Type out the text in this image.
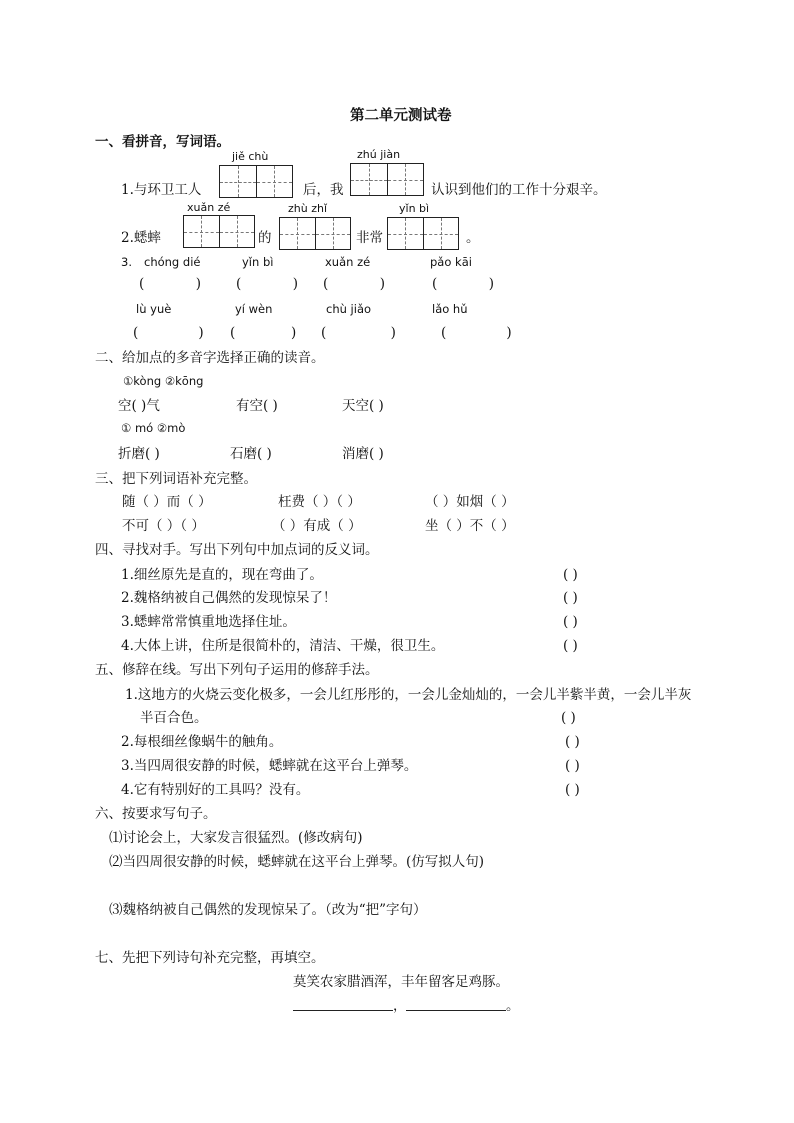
第二单元测试卷
一、看拼音，写词语。
jiě chù	zhú jiàn
1.与环卫工人	后，我	认识到他们的工作十分艰辛。
xuǎn zé	zhù zhǐ	yǐn bì
2.蟋蟀	的	非常	。
3. chóng dié	yǐn bì	xuǎn zé	pǎo kāi
(            )	(            ) (            )	(            )
lù yuè	yí wèn	chù jiǎo	lǎo hǔ
(              ) (             ) (               )	(              )
二、给加点的多音字选择正确的读音。
①kòng ②kōng
空( )气	有空( )	天空( )
① mó ②mò
折磨( )	石磨( )	消磨( )
三、把下列词语补充完整。
随（ ）而（ ）	枉费（ ）（ ）	（ ）如烟（ ）
不可（ ）（ ）	（ ）有成（ ）	坐（ ）不（ ）
四、寻找对手。写出下列句中加点词的反义词。
1.细丝原先是直的，现在弯曲了。	( )
2.魏格纳被自己偶然的发现惊呆了！	( )
3.蟋蟀常常慎重地选择住址。	( )
4.大体上讲，住所是很简朴的，清洁、干燥，很卫生。	( )
五、修辞在线。写出下列句子运用的修辞手法。
1.这地方的火烧云变化极多，一会儿红彤彤的，一会儿金灿灿的，一会儿半紫半黄，一会儿半灰
半百合色。	( )
2.每根细丝像蜗牛的触角。	( )
3.当四周很安静的时候，蟋蟀就在这平台上弹琴。	( )
4.它有特别好的工具吗？没有。	( )
六、按要求写句子。
⑴讨论会上，大家发言很猛烈。(修改病句)
⑵当四周很安静的时候，蟋蟀就在这平台上弹琴。(仿写拟人句)
⑶魏格纳被自己偶然的发现惊呆了。（改为“把”字句）
七、先把下列诗句补充完整，再填空。
莫笑农家腊酒浑，丰年留客足鸡豚。
，	。
